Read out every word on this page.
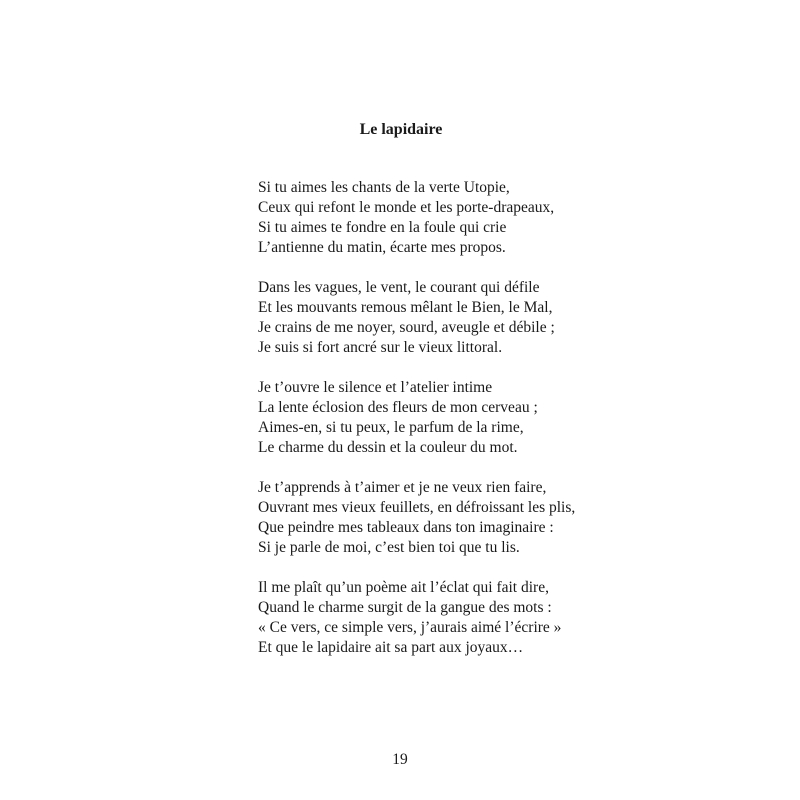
Le lapidaire
Si tu aimes les chants de la verte Utopie,
Ceux qui refont le monde et les porte-drapeaux,
Si tu aimes te fondre en la foule qui crie
L’antienne du matin, écarte mes propos.
Dans les vagues, le vent, le courant qui défile
Et les mouvants remous mêlant le Bien, le Mal,
Je crains de me noyer, sourd, aveugle et débile ;
Je suis si fort ancré sur le vieux littoral.
Je t’ouvre le silence et l’atelier intime
La lente éclosion des fleurs de mon cerveau ;
Aimes-en, si tu peux, le parfum de la rime,
Le charme du dessin et la couleur du mot.
Je t’apprends à t’aimer et je ne veux rien faire,
Ouvrant mes vieux feuillets, en défroissant les plis,
Que peindre mes tableaux dans ton imaginaire :
Si je parle de moi, c’est bien toi que tu lis.
Il me plaît qu’un poème ait l’éclat qui fait dire,
Quand le charme surgit de la gangue des mots :
« Ce vers, ce simple vers, j’aurais aimé l’écrire »
Et que le lapidaire ait sa part aux joyaux…
19
